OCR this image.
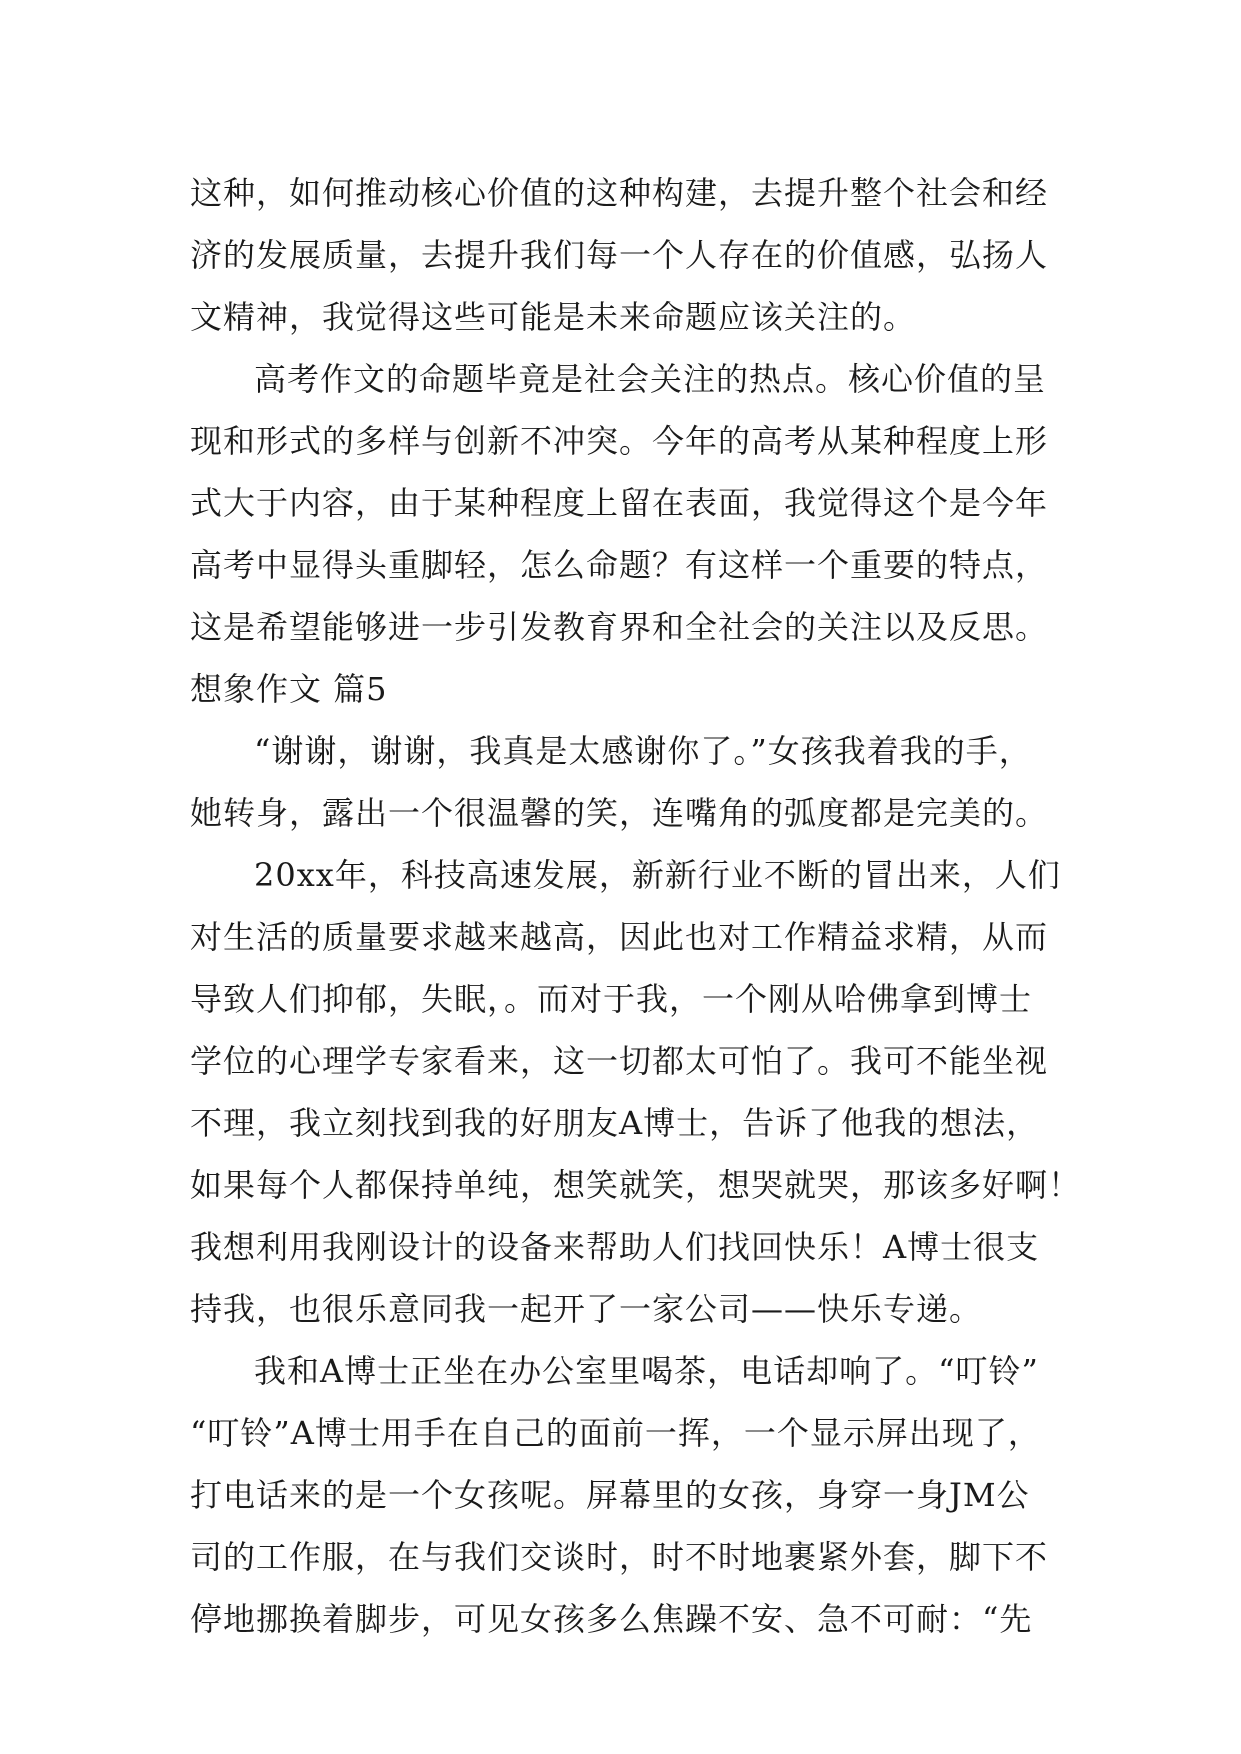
这种，如何推动核心价值的这种构建，去提升整个社会和经
济的发展质量，去提升我们每一个人存在的价值感，弘扬人
文精神，我觉得这些可能是未来命题应该关注的。
高考作文的命题毕竟是社会关注的热点。核心价值的呈
现和形式的多样与创新不冲突。今年的高考从某种程度上形
式大于内容，由于某种程度上留在表面，我觉得这个是今年
高考中显得头重脚轻，怎么命题？有这样一个重要的特点，
这是希望能够进一步引发教育界和全社会的关注以及反思。
想象作文 篇5
“谢谢，谢谢，我真是太感谢你了。”女孩我着我的手，
她转身，露出一个很温馨的笑，连嘴角的弧度都是完美的。
20xx年，科技高速发展，新新行业不断的冒出来，人们
对生活的质量要求越来越高，因此也对工作精益求精，从而
导致人们抑郁，失眠，。而对于我，一个刚从哈佛拿到博士
学位的心理学专家看来，这一切都太可怕了。我可不能坐视
不理，我立刻找到我的好朋友A博士，告诉了他我的想法，
如果每个人都保持单纯，想笑就笑，想哭就哭，那该多好啊！
我想利用我刚设计的设备来帮助人们找回快乐！A博士很支
持我，也很乐意同我一起开了一家公司——快乐专递。
我和A博士正坐在办公室里喝茶，电话却响了。“叮铃”
“叮铃”A博士用手在自己的面前一挥，一个显示屏出现了，
打电话来的是一个女孩呢。屏幕里的女孩，身穿一身JM公
司的工作服，在与我们交谈时，时不时地裹紧外套，脚下不
停地挪换着脚步，可见女孩多么焦躁不安、急不可耐：“先
